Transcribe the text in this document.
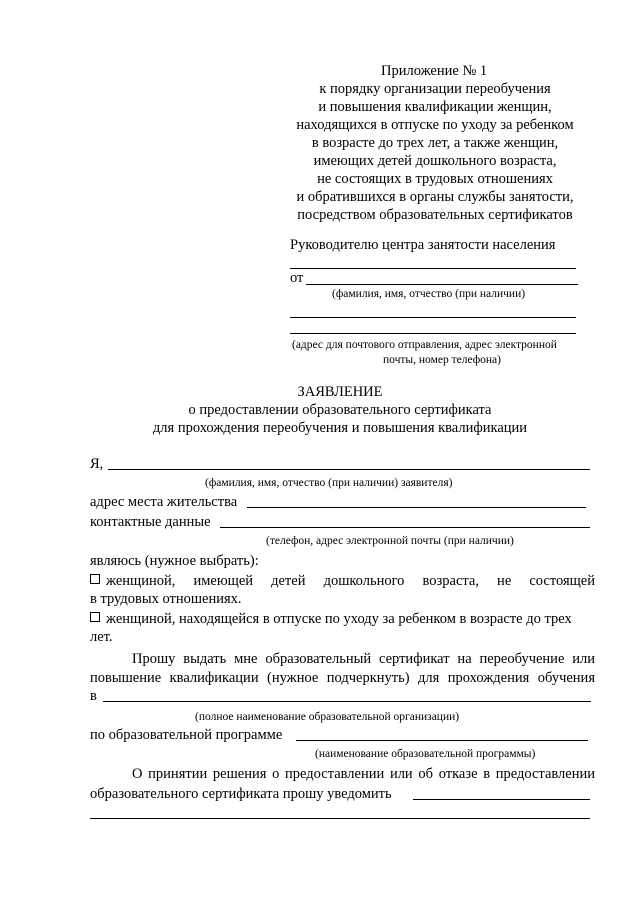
Приложение № 1
к порядку организации переобучения
и повышения квалификации женщин,
находящихся в отпуске по уходу за ребенком
в возрасте до трех лет, а также женщин,
имеющих детей дошкольного возраста,
не состоящих в трудовых отношениях
и обратившихся в органы службы занятости,
посредством образовательных сертификатов
Руководителю центра занятости населения
от
(фамилия, имя, отчество (при наличии)
(адрес для почтового отправления, адрес электронной
почты, номер телефона)
ЗАЯВЛЕНИЕ
о предоставлении образовательного сертификата
для прохождения переобучения и повышения квалификации
Я,
(фамилия, имя, отчество (при наличии) заявителя)
адрес места жительства
контактные данные
(телефон, адрес электронной почты (при наличии)
являюсь (нужное выбрать):
женщиной, имеющей детей дошкольного возраста, не состоящей
в трудовых отношениях.
женщиной, находящейся в отпуске по уходу за ребенком в возрасте до трех
лет.
Прошу выдать мне образовательный сертификат на переобучение или
повышение квалификации (нужное подчеркнуть) для прохождения обучения
в
(полное наименование образовательной организации)
по образовательной программе
(наименование образовательной программы)
О принятии решения о предоставлении или об отказе в предоставлении
образовательного сертификата прошу уведомить
